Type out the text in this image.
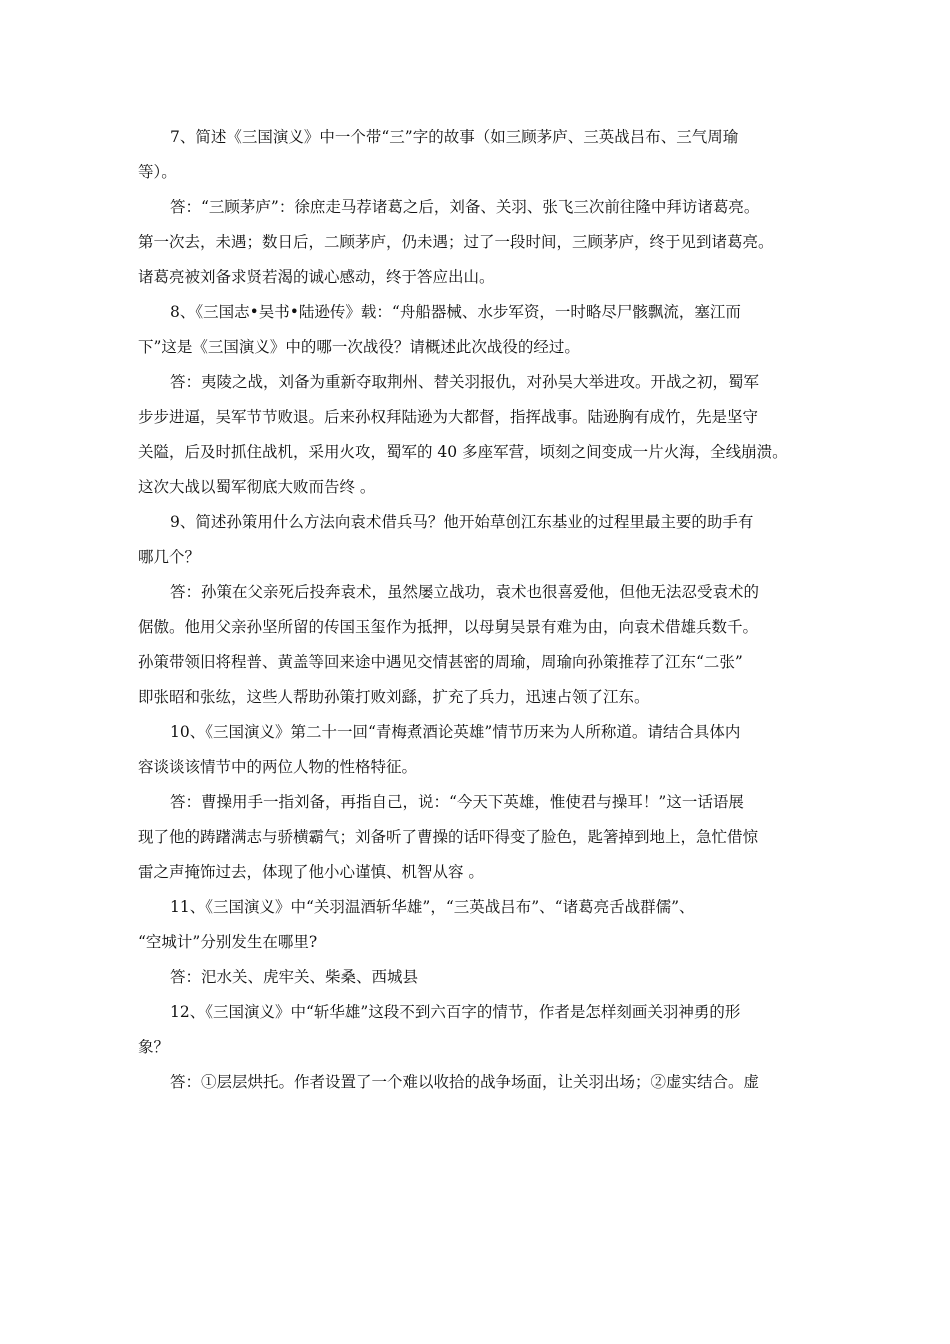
7、简述《三国演义》中一个带“三”字的故事（如三顾茅庐、三英战吕布、三气周瑜
等）。
答：“三顾茅庐”：徐庶走马荐诸葛之后，刘备、关羽、张飞三次前往隆中拜访诸葛亮。
第一次去，未遇；数日后，二顾茅庐，仍未遇；过了一段时间，三顾茅庐，终于见到诸葛亮。
诸葛亮被刘备求贤若渴的诚心感动，终于答应出山。
8、《三国志•吴书•陆逊传》载：“舟船器械、水步军资，一时略尽尸骸飘流，塞江而
下”这是《三国演义》中的哪一次战役？请概述此次战役的经过。
答：夷陵之战，刘备为重新夺取荆州、替关羽报仇，对孙吴大举进攻。开战之初，蜀军
步步进逼，吴军节节败退。后来孙权拜陆逊为大都督，指挥战事。陆逊胸有成竹，先是坚守
关隘，后及时抓住战机，采用火攻，蜀军的 40 多座军营，顷刻之间变成一片火海，全线崩溃。
这次大战以蜀军彻底大败而告终 。
9、简述孙策用什么方法向袁术借兵马？他开始草创江东基业的过程里最主要的助手有
哪几个？
答：孙策在父亲死后投奔袁术，虽然屡立战功，袁术也很喜爱他，但他无法忍受袁术的
倨傲。他用父亲孙坚所留的传国玉玺作为抵押，以母舅吴景有难为由，向袁术借雄兵数千。
孙策带领旧将程普、黄盖等回来途中遇见交情甚密的周瑜，周瑜向孙策推荐了江东“二张”
即张昭和张纮，这些人帮助孙策打败刘繇，扩充了兵力，迅速占领了江东。
10、《三国演义》第二十一回“青梅煮酒论英雄”情节历来为人所称道。请结合具体内
容谈谈该情节中的两位人物的性格特征。
答：曹操用手一指刘备，再指自己，说：“今天下英雄，惟使君与操耳！”这一话语展
现了他的踌躇满志与骄横霸气；刘备听了曹操的话吓得变了脸色，匙箸掉到地上，急忙借惊
雷之声掩饰过去，体现了他小心谨慎、机智从容 。
11、《三国演义》中“关羽温酒斩华雄”，“三英战吕布”、“诸葛亮舌战群儒”、
“空城计”分别发生在哪里?
答：汜水关、虎牢关、柴桑、西城县
12、《三国演义》中“斩华雄”这段不到六百字的情节，作者是怎样刻画关羽神勇的形
象？
答：①层层烘托。作者设置了一个难以收拾的战争场面，让关羽出场；②虚实结合。虚
